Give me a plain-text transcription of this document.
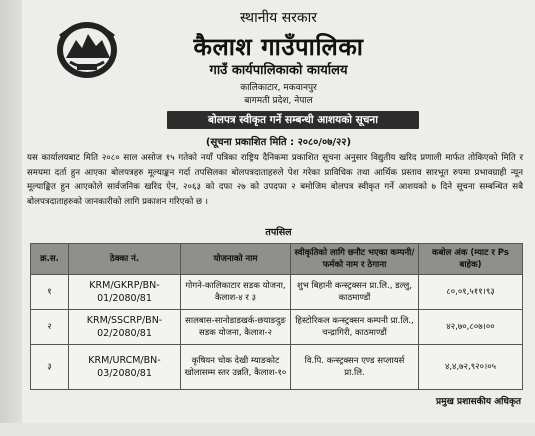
स्थानीय सरकार
कैलाश गाउँपालिका
गाउँ कार्यपालिकाको कार्यालय
कालिकाटार, मकवानपुर
बागमती प्रदेश, नेपाल
बोलपत्र स्वीकृत गर्ने सम्बन्धी आशयको सूचना
(सूचना प्रकाशित मिति : २०८०/०७/२२)
यस कार्यालयबाट मिति २०८० साल असोज १५ गतेको नयाँ पत्रिका राष्ट्रिय दैनिकमा प्रकाशित सूचना अनुसार विद्युतीय खरिद प्रणाली मार्फत तोकिएको मिति र समयमा दर्ता हुन आएका बोलपत्रहरु मूल्याङ्कन गर्दा तपसिलका बोलपत्रदाताहरुले पेश गरेका प्राविधिक तथा आर्थिक प्रस्ताव सारभूत रुपमा प्रभावग्राही न्यून मूल्याङ्कित हुन आएकोले सार्वजनिक खरिद ऐन, २०६३ को दफा २७ को उपदफा २ बमोजिम बोलपत्र स्वीकृत गर्ने आशयको ७ दिने सूचना सम्बन्धित सबै बोलपत्रदाताहरुको जानकारीको लागि प्रकाशन गरिएको छ ।
तपसिल
क्र.स.	ठेक्का नं.	योजनाको नाम	स्वीकृतिको लागि छनौट भएका कम्पनी/फर्मको नाम र ठेगाना	कबोल अंक (म्याट र Ps बाहेक)
१	KRM/GKRP/BN-01/2080/81	गोगने-कालिकाटार सडक योजना, कैलाश-४ र ३	शुभ बिहानी कन्स्ट्रक्सन प्रा.लि., डल्लु, काठमाण्डौं	८०,०१,५११।९३
२	KRM/SSCRP/BN-02/2080/81	सालबास-सानोडाडखर्क-छयाङदुङ सडक योजना, कैलाश-२	हिस्टोरिकल कन्स्ट्रक्सन कम्पनी प्रा.लि., चन्द्रागिरी, काठमाण्डौं	४२,७०,८०७।००
३	KRM/URCM/BN-03/2080/81	कृषियन चोक देखी म्याङकोट खोलासम्म स्तर उन्नति, कैलाश-१०	वि.पि. कन्स्ट्रक्सन एण्ड सप्लायर्स प्रा.लि.	४,४,७२,९२०।०५
प्रमुख प्रशासकीय अधिकृत
